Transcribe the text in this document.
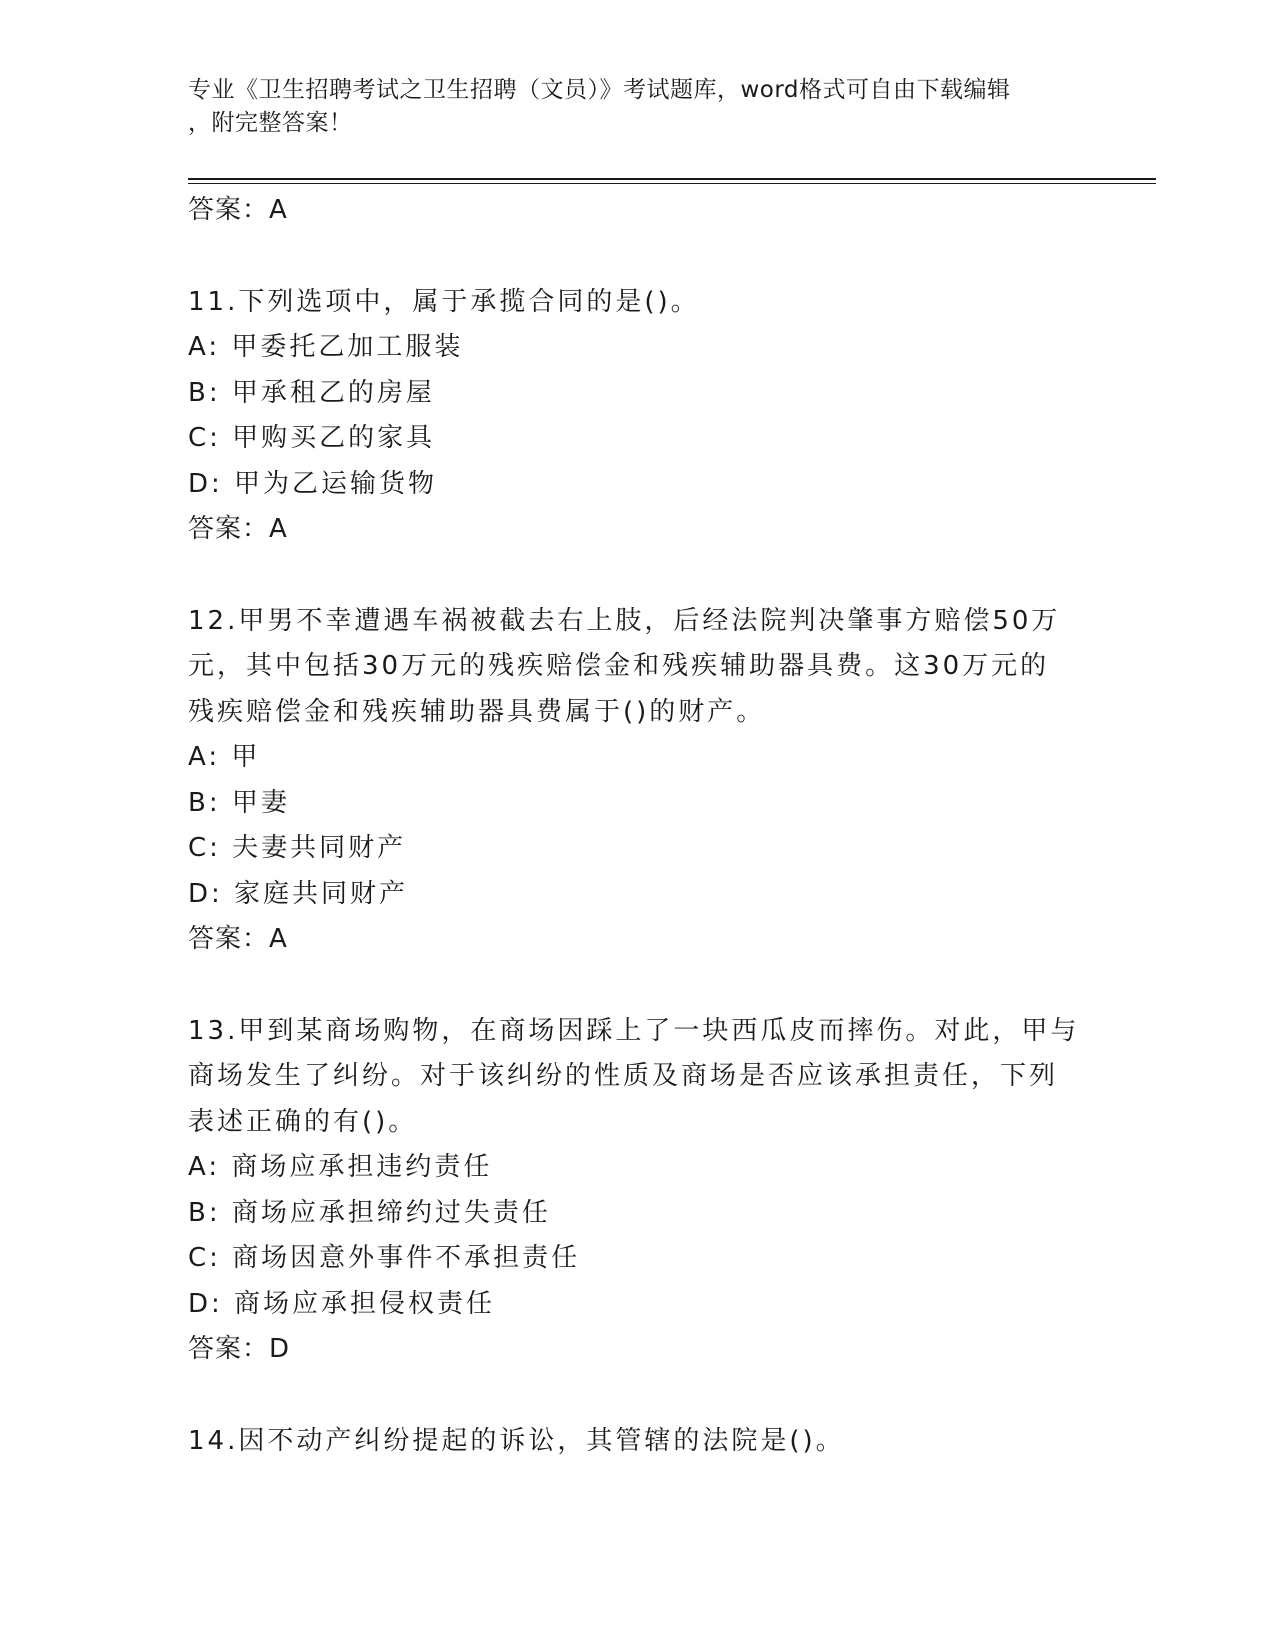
专业《卫生招聘考试之卫生招聘（文员）》考试题库，word格式可自由下载编辑
，附完整答案！
答案：A
11.下列选项中，属于承揽合同的是()。
A: 甲委托乙加工服装
B: 甲承租乙的房屋
C: 甲购买乙的家具
D: 甲为乙运输货物
答案：A
12.甲男不幸遭遇车祸被截去右上肢，后经法院判决肇事方赔偿50万
元，其中包括30万元的残疾赔偿金和残疾辅助器具费。这30万元的
残疾赔偿金和残疾辅助器具费属于()的财产。
A: 甲
B: 甲妻
C: 夫妻共同财产
D: 家庭共同财产
答案：A
13.甲到某商场购物，在商场因踩上了一块西瓜皮而摔伤。对此，甲与
商场发生了纠纷。对于该纠纷的性质及商场是否应该承担责任，下列
表述正确的有()。
A: 商场应承担违约责任
B: 商场应承担缔约过失责任
C: 商场因意外事件不承担责任
D: 商场应承担侵权责任
答案：D
14.因不动产纠纷提起的诉讼，其管辖的法院是()。
